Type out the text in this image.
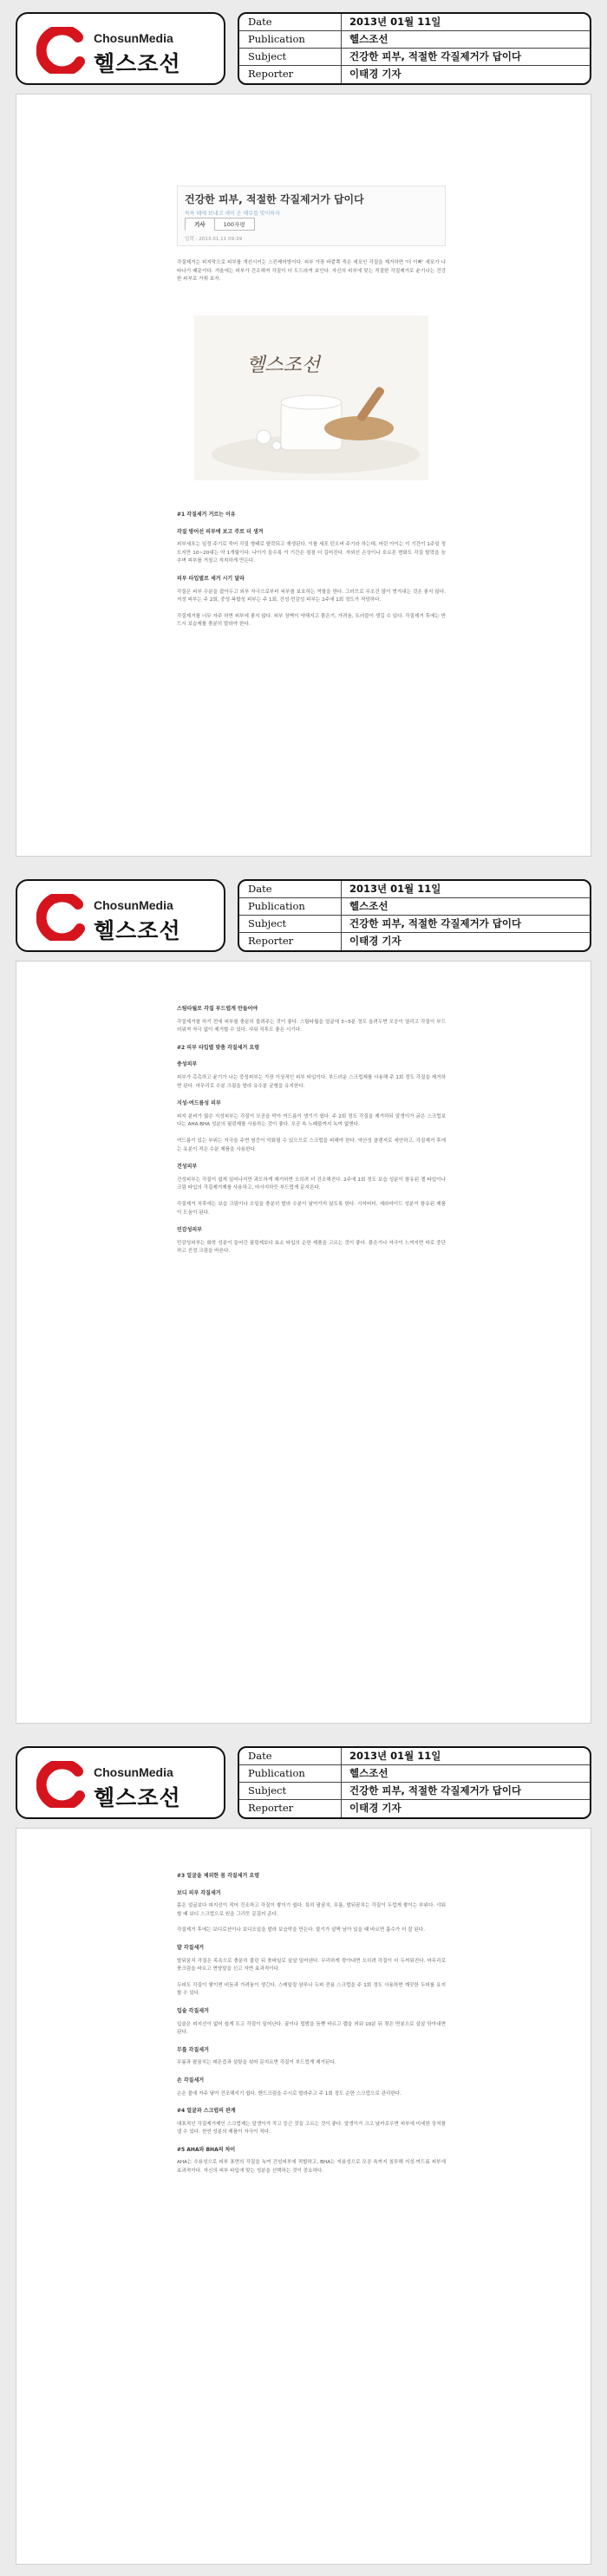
ChosunMedia
헬스조선
Date	2013년 01월 11일
Publication	헬스조선
Subject	건강한 피부, 적절한 각질제거가 답이다
Reporter	이태경 기자
건강한 피부, 적절한 각질제거가 답이다
목욕 때에 보내고 세이 운 해부를 맞이하자
기사	100자평
입력 : 2013.01.11 09:39

각질제거는 피지막으로 피부를 개선시키는 스킨케어방이다. 피부 가장 바깥쪽 죽은 세포인 각질을 제거하면 '더 이뻐' 세포가 나타나기 때문이다. 겨울에는 피부가 건조해져 각질이 더 도드라져 보인다. 자신의 피부에 맞는 적절한 각질제거로 윤기나는 건강한 피부로 가꿔 보자.

헬스조선
#1 각질세거 거르는 이유
각질 방어선 피부에 보고 주로 더 생겨

피부세포는 일정 주기로 죽어 각질 형태로 탈락되고 재생된다. 이를 세포 턴오버 주기라 하는데, 어린 아이는 이 기간이 1주일 정도지만 10~20대는 약 1개월이다. 나이가 들수록 이 기간은 점점 더 길어진다. 자외선 손상이나 호르몬 변화도 각질 탈락을 늦추며 피부를 거칠고 칙칙하게 만든다.

피부 타입별로 세거 시기 달라

각질은 피부 수분을 잡아두고 외부 자극으로부터 피부를 보호하는 역할을 한다. 그러므로 무조건 많이 벗겨내는 것은 좋지 않다. 지성 피부는 주 2회, 중성·복합성 피부는 주 1회, 건성·민감성 피부는 2주에 1회 정도가 적당하다.

각질제거를 너무 자주 하면 피부에 좋지 않다. 피부 장벽이 약해지고 붉은기, 가려움, 트러블이 생길 수 있다. 각질제거 후에는 반드시 보습제를 충분히 발라야 한다.

ChosunMedia
헬스조선
Date	2013년 01월 11일
Publication	헬스조선
Subject	건강한 피부, 적절한 각질제거가 답이다
Reporter	이태경 기자
스팀타월로 각질 부드럽게 만들어야

각질제거를 하기 전에 피부를 충분히 불려주는 것이 좋다. 스팀타월을 얼굴에 3~5분 정도 올려두면 모공이 열리고 각질이 부드러워져 자극 없이 제거할 수 있다. 샤워 직후도 좋은 시기다.

#2 피부 타입별 맞춤 각질세거 요령
중성피부

피부가 촉촉하고 윤기가 나는 중성피부는 가장 이상적인 피부 타입이다. 부드러운 스크럽제를 사용해 주 1회 정도 각질을 제거하면 된다. 마무리로 수분 크림을 발라 유수분 균형을 유지한다.

지성·여드름성 피부

피지 분비가 많은 지성피부는 각질이 모공을 막아 여드름이 생기기 쉽다. 주 2회 정도 각질을 제거하되 알갱이가 굵은 스크럽보다는 AHA·BHA 성분의 필링제를 사용하는 것이 좋다. 모공 속 노폐물까지 녹여 없앤다.

여드름이 있는 부위는 자극을 주면 염증이 악화될 수 있으므로 스크럽을 피해야 한다. 약산성 클렌저로 세안하고, 각질제거 후에는 유분이 적은 수분 제품을 사용한다.

건성피부

건성피부는 각질이 쉽게 일어나지만 과도하게 제거하면 오히려 더 건조해진다. 2주에 1회 정도 보습 성분이 함유된 젤 타입이나 크림 타입의 각질제거제를 사용하고, 마사지하듯 부드럽게 문지른다.

각질제거 직후에는 보습 크림이나 오일을 충분히 발라 수분이 날아가지 않도록 한다. 시어버터, 세라마이드 성분이 함유된 제품이 도움이 된다.

민감성피부

민감성피부는 화학 성분이 들어간 필링제보다 효소 타입의 순한 제품을 고르는 것이 좋다. 붉은기나 자극이 느껴지면 바로 중단하고 진정 크림을 바른다.

ChosunMedia
헬스조선
Date	2013년 01월 11일
Publication	헬스조선
Subject	건강한 피부, 적절한 각질제거가 답이다
Reporter	이태경 기자
#3 얼굴을 제외한 몸 각질세거 요령
보디 피부 각질세거

몸은 얼굴보다 피지선이 적어 건조하고 각질이 쌓이기 쉽다. 특히 팔꿈치, 무릎, 발뒤꿈치는 각질이 두껍게 쌓이는 부위다. 샤워할 때 보디 스크럽으로 원을 그리듯 문질러 준다.

각질제거 후에는 보디로션이나 보디오일을 발라 보습막을 만든다. 물기가 살짝 남아 있을 때 바르면 흡수가 더 잘 된다.

발 각질세거

발뒤꿈치 각질은 족욕으로 충분히 불린 뒤 풋파일로 살살 밀어낸다. 무리하게 깎아내면 오히려 각질이 더 두꺼워진다. 마무리로 풋크림을 바르고 면양말을 신고 자면 효과적이다.

두피도 각질이 쌓이면 비듬과 가려움이 생긴다. 스케일링 샴푸나 두피 전용 스크럽을 주 1회 정도 사용하면 깨끗한 두피를 유지할 수 있다.

입술 각질세거

입술은 피지선이 없어 쉽게 트고 각질이 일어난다. 꿀이나 립밤을 듬뿍 바르고 랩을 씌워 10분 뒤 젖은 면봉으로 살살 닦아내면 된다.

무릎 각질세거

무릎과 팔꿈치는 레몬즙과 설탕을 섞어 문지르면 각질이 부드럽게 제거된다.

손 각질세거

손은 물에 자주 닿아 건조해지기 쉽다. 핸드크림을 수시로 발라주고 주 1회 정도 순한 스크럽으로 관리한다.

#4 얼굴과 스크럽의 관계

대표적인 각질제거제인 스크럽제는 알갱이가 작고 둥근 것을 고르는 것이 좋다. 알갱이가 크고 날카로우면 피부에 미세한 상처를 낼 수 있다. 천연 성분의 제품이 자극이 적다.

#5 AHA와 BHA의 차이

AHA는 수용성으로 피부 표면의 각질을 녹여 건성피부에 적합하고, BHA는 지용성으로 모공 속까지 침투해 지성·여드름 피부에 효과적이다. 자신의 피부 타입에 맞는 성분을 선택하는 것이 중요하다.
